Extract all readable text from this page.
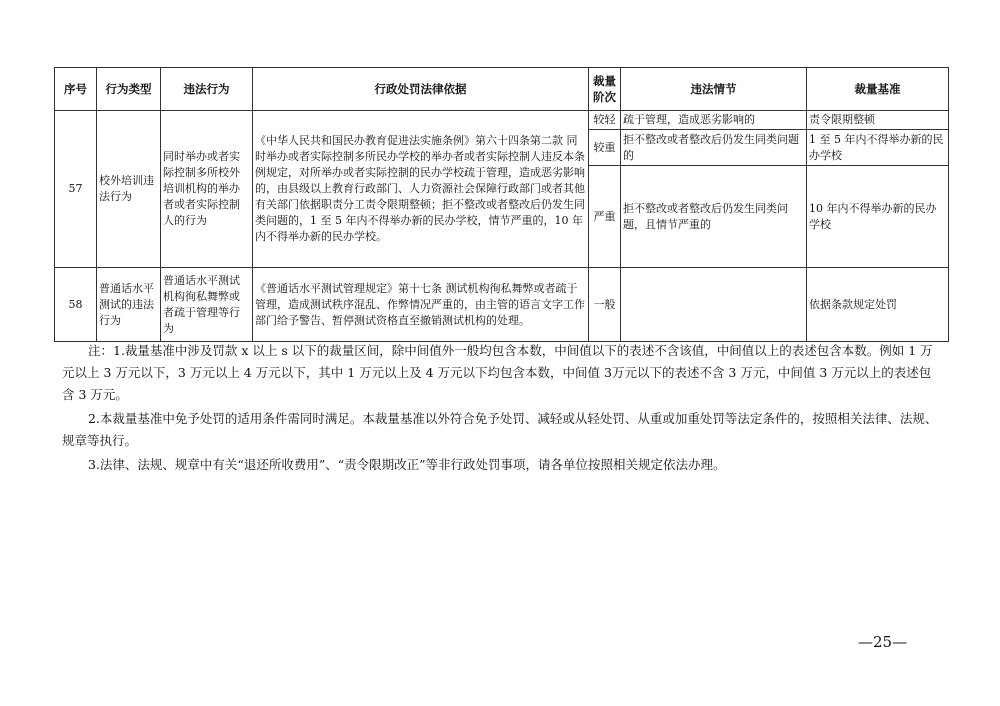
序号	行为类型	违法行为	行政处罚法律依据	裁量阶次	违法情节	裁量基准
57	校外培训违法行为	同时举办或者实际控制多所校外培训机构的举办者或者实际控制人的行为	《中华人民共和国民办教育促进法实施条例》第六十四条第二款 同时举办或者实际控制多所民办学校的举办者或者实际控制人违反本条例规定，对所举办或者实际控制的民办学校疏于管理，造成恶劣影响的，由县级以上教育行政部门、人力资源社会保障行政部门或者其他有关部门依据职责分工责令限期整顿；拒不整改或者整改后仍发生同类问题的，1 至 5 年内不得举办新的民办学校，情节严重的，10 年内不得举办新的民办学校。	较轻	疏于管理，造成恶劣影响的	责令限期整顿
				较重	拒不整改或者整改后仍发生同类问题的	1 至 5 年内不得举办新的民办学校
				严重	拒不整改或者整改后仍发生同类问题，且情节严重的	10 年内不得举办新的民办学校
58	普通话水平测试的违法行为	普通话水平测试机构徇私舞弊或者疏于管理等行为	《普通话水平测试管理规定》第十七条 测试机构徇私舞弊或者疏于管理，造成测试秩序混乱、作弊情况严重的，由主管的语言文字工作部门给予警告、暂停测试资格直至撤销测试机构的处理。	一般		依据条款规定处罚

注：1.裁量基准中涉及罚款 x 以上 s 以下的裁量区间，除中间值外一般均包含本数，中间值以下的表述不含该值，中间值以上的表述包含本数。例如 1 万元以上 3 万元以下，3 万元以上 4 万元以下，其中 1 万元以上及 4 万元以下均包含本数，中间值 3万元以下的表述不含 3 万元，中间值 3 万元以上的表述包含 3 万元。

2.本裁量基准中免予处罚的适用条件需同时满足。本裁量基准以外符合免予处罚、减轻或从轻处罚、从重或加重处罚等法定条件的，按照相关法律、法规、规章等执行。

3.法律、法规、规章中有关“退还所收费用”、“责令限期改正”等非行政处罚事项，请各单位按照相关规定依法办理。

—25—
